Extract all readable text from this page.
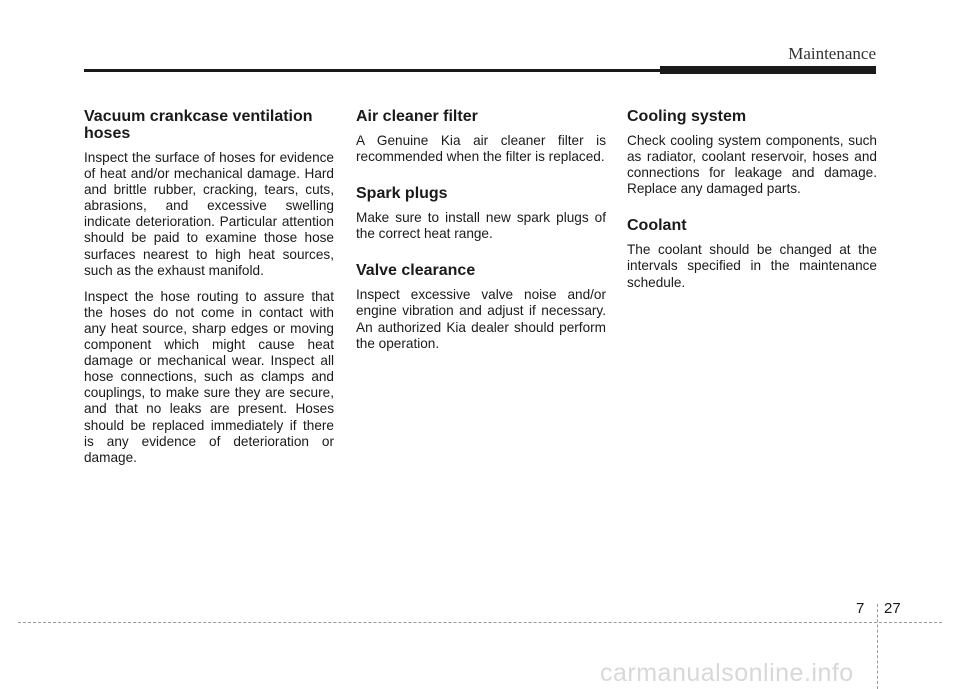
Maintenance
Vacuum crankcase ventilation hoses

Inspect the surface of hoses for evidence of heat and/or mechanical damage. Hard and brittle rubber, cracking, tears, cuts, abrasions, and excessive swelling indicate deterioration. Particular attention should be paid to examine those hose surfaces nearest to high heat sources, such as the exhaust manifold.

Inspect the hose routing to assure that the hoses do not come in contact with any heat source, sharp edges or moving component which might cause heat damage or mechanical wear. Inspect all hose connections, such as clamps and couplings, to make sure they are secure, and that no leaks are present. Hoses should be replaced immediately if there is any evidence of deterioration or damage.

Air cleaner filter

A Genuine Kia air cleaner filter is recommended when the filter is replaced.

Spark plugs

Make sure to install new spark plugs of the correct heat range.

Valve clearance

Inspect excessive valve noise and/or engine vibration and adjust if necessary. An authorized Kia dealer should perform the operation.

Cooling system

Check cooling system components, such as radiator, coolant reservoir, hoses and connections for leakage and damage. Replace any damaged parts.

Coolant

The coolant should be changed at the intervals specified in the maintenance schedule.

7 27
carmanualsonline.info
